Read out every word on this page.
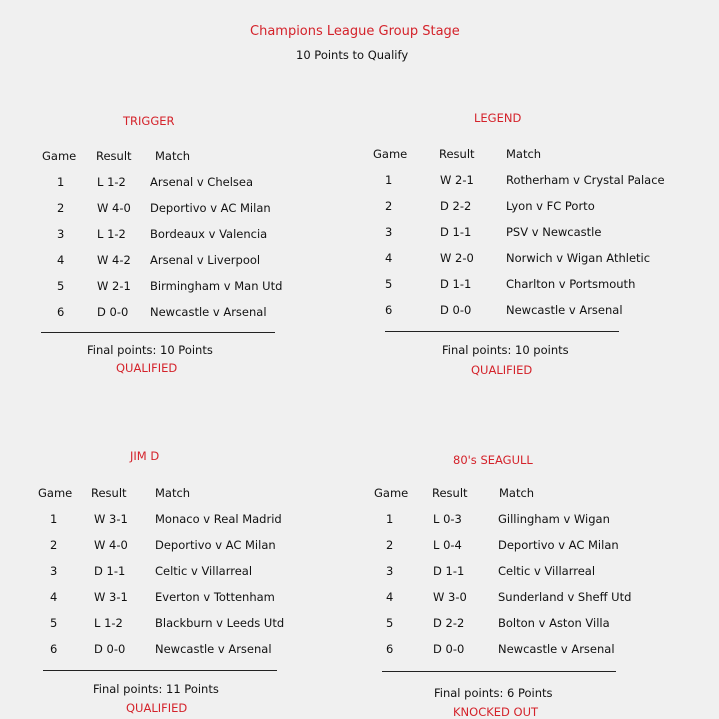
Champions League Group Stage
10 Points to Qualify
TRIGGER
Game Result Match
1	L 1-2 Arsenal v Chelsea
2	W 4-0 Deportivo v AC Milan
3	L 1-2 Bordeaux v Valencia
4	W 4-2 Arsenal v Liverpool
5	W 2-1 Birmingham v Man Utd
6	D 0-0 Newcastle v Arsenal
Final points: 10 Points
QUALIFIED
LEGEND
Game	Result	Match
1	W 2-1	Rotherham v Crystal Palace
2	D 2-2	Lyon v FC Porto
3	D 1-1	PSV v Newcastle
4	W 2-0	Norwich v Wigan Athletic
5	D 1-1	Charlton v Portsmouth
6	D 0-0	Newcastle v Arsenal
Final points: 10 points
QUALIFIED
JIM D
Game Result Match
1	W 3-1 Monaco v Real Madrid
2	W 4-0 Deportivo v AC Milan
3	D 1-1	Celtic v Villarreal
4	W 3-1 Everton v Tottenham
5	L 1-2	Blackburn v Leeds Utd
6	D 0-0	Newcastle v Arsenal
Final points: 11 Points
QUALIFIED
80's SEAGULL
Game Result	Match
1	L 0-3	Gillingham v Wigan
2	L 0-4	Deportivo v AC Milan
3	D 1-1	Celtic v Villarreal
4	W 3-0	Sunderland v Sheff Utd
5	D 2-2	Bolton v Aston Villa
6	D 0-0	Newcastle v Arsenal
Final points: 6 Points
KNOCKED OUT
